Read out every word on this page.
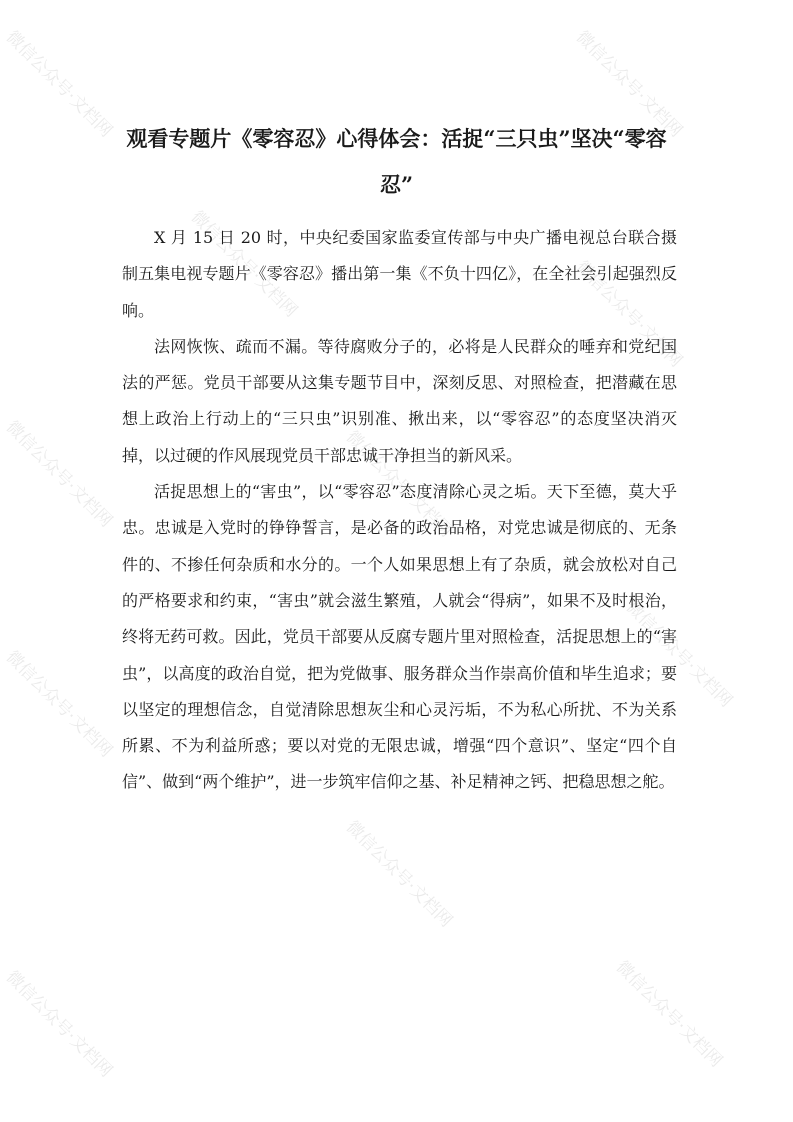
微信公众号·文档网	微信公众号·文档网
微信公众号·文档网	微信公众号·文档网
微信公众号·文档网	微信公众号·文档网
微信公众号·文档网
微信公众号·文档网
微信公众号·文档网
微信公众号·文档网	微信公众号·文档网
观看专题片《零容忍》心得体会：活捉“三只虫”坚决“零容忍”

X 月 15 日 20 时，中央纪委国家监委宣传部与中央广播电视总台联合摄制五集电视专题片《零容忍》播出第一集《不负十四亿》，在全社会引起强烈反响。

法网恢恢、疏而不漏。等待腐败分子的，必将是人民群众的唾弃和党纪国法的严惩。党员干部要从这集专题节目中，深刻反思、对照检查，把潜藏在思想上政治上行动上的“三只虫”识别准、揪出来，以“零容忍”的态度坚决消灭掉，以过硬的作风展现党员干部忠诚干净担当的新风采。

活捉思想上的“害虫”，以“零容忍”态度清除心灵之垢。天下至德，莫大乎忠。忠诚是入党时的铮铮誓言，是必备的政治品格，对党忠诚是彻底的、无条件的、不掺任何杂质和水分的。一个人如果思想上有了杂质，就会放松对自己的严格要求和约束，“害虫”就会滋生繁殖，人就会“得病”，如果不及时根治，终将无药可救。因此，党员干部要从反腐专题片里对照检查，活捉思想上的“害虫”，以高度的政治自觉，把为党做事、服务群众当作崇高价值和毕生追求；要以坚定的理想信念，自觉清除思想灰尘和心灵污垢，不为私心所扰、不为关系所累、不为利益所惑；要以对党的无限忠诚，增强“四个意识”、坚定“四个自信”、做到“两个维护”，进一步筑牢信仰之基、补足精神之钙、把稳思想之舵。
